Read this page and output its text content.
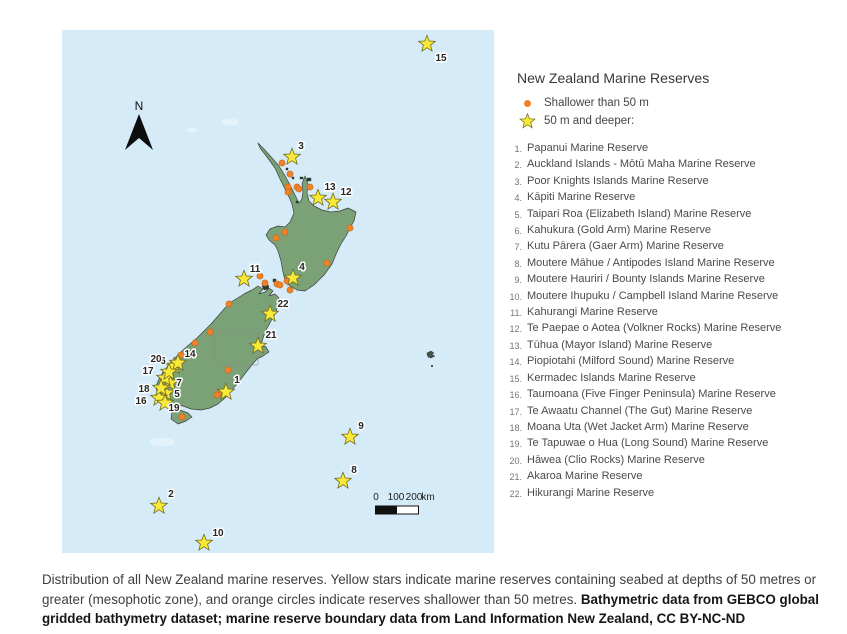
1
2
3
4
5
6
7
8
9
10
11
12
13
14
15
16
17
18
19
20
21
22
N
0 100 200
km
New Zealand Marine Reserves
Shallower than 50 m
50 m and deeper:
1. Papanui Marine Reserve
2. Auckland Islands - Mōtū Maha Marine Reserve
3. Poor Knights Islands Marine Reserve
4. Kāpiti Marine Reserve
5. Taipari Roa (Elizabeth Island) Marine Reserve
6. Kahukura (Gold Arm) Marine Reserve
7. Kutu Pārera (Gaer Arm) Marine Reserve
8. Moutere Māhue / Antipodes Island Marine Reserve
9. Moutere Hauriri / Bounty Islands Marine Reserve
10. Moutere Ihupuku / Campbell Island Marine Reserve
11. Kahurangi Marine Reserve
12. Te Paepae o Aotea (Volkner Rocks) Marine Reserve
13. Tūhua (Mayor Island) Marine Reserve
14. Piopiotahi (Milford Sound) Marine Reserve
15. Kermadec Islands Marine Reserve
16. Taumoana (Five Finger Peninsula) Marine Reserve
17. Te Awaatu Channel (The Gut) Marine Reserve
18. Moana Uta (Wet Jacket Arm) Marine Reserve
19. Te Tapuwae o Hua (Long Sound) Marine Reserve
20. Hāwea (Clio Rocks) Marine Reserve
21. Akaroa Marine Reserve
22. Hikurangi Marine Reserve
Distribution of all New Zealand marine reserves. Yellow stars indicate marine reserves containing seabed at depths of 50 metres or greater (mesophotic zone), and orange circles indicate reserves shallower than 50 metres. Bathymetric data from GEBCO global gridded bathymetry dataset; marine reserve boundary data from Land Information New Zealand, CC BY-NC-ND
